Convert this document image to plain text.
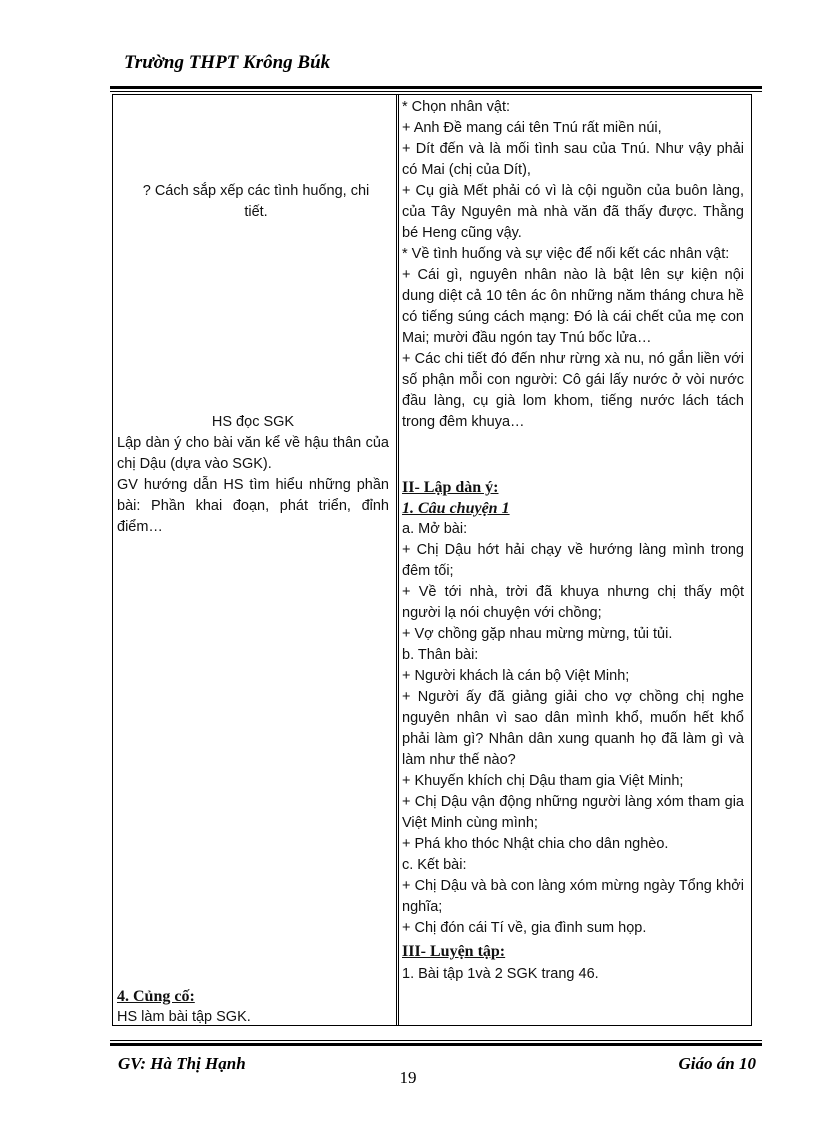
Trường THPT Krông Búk
? Cách sắp xếp các tình huống, chi tiết.
HS đọc SGK
Lập dàn ý cho bài văn kể về hậu thân của chị Dậu (dựa vào SGK).
GV hướng dẫn HS tìm hiểu những phần bài: Phần khai đoạn, phát triển, đỉnh điểm…
4. Củng cố:
HS làm bài tập SGK.
* Chọn nhân vật:
+ Anh Đề mang cái tên Tnú rất miền núi,
+ Dít đến và là mối tình sau của Tnú. Như vậy phải có Mai (chị của Dít),
+ Cụ già Mết phải có vì là cội nguồn của buôn làng, của Tây Nguyên mà nhà văn đã thấy được. Thằng bé Heng cũng vậy.
* Về tình huống và sự việc để nối kết các nhân vật:
+ Cái gì, nguyên nhân nào là bật lên sự kiện nội dung diệt cả 10 tên ác ôn những năm tháng chưa hề có tiếng súng cách mạng: Đó là cái chết của mẹ con Mai; mười đầu ngón tay Tnú bốc lửa…
+ Các chi tiết đó đến như rừng xà nu, nó gắn liền với số phận mỗi con người: Cô gái lấy nước ở vòi nước đầu làng, cụ già lom khom, tiếng nước lách tách trong đêm khuya…
II- Lập dàn ý:
1. Câu chuyện 1
a. Mở bài:
+ Chị Dậu hớt hải chạy về hướng làng mình trong đêm tối;
+ Về tới nhà, trời đã khuya nhưng chị thấy một người lạ nói chuyện với chồng;
+ Vợ chồng gặp nhau mừng mừng, tủi tủi.
b. Thân bài:
+ Người khách là cán bộ Việt Minh;
+ Người ấy đã giảng giải cho vợ chồng chị nghe nguyên nhân vì sao dân mình khổ, muốn hết khổ phải làm gì? Nhân dân xung quanh họ đã làm gì và làm như thế nào?
+ Khuyến khích chị Dậu tham gia Việt Minh;
+ Chị Dậu vận động những người làng xóm tham gia Việt Minh cùng mình;
+ Phá kho thóc Nhật chia cho dân nghèo.
c. Kết bài:
+ Chị Dậu và bà con làng xóm mừng ngày Tổng khởi nghĩa;
+ Chị đón cái Tí về, gia đình sum họp.
III- Luyện tập:
1. Bài tập 1và 2 SGK trang 46.
GV: Hà Thị Hạnh	Giáo án 10
19
